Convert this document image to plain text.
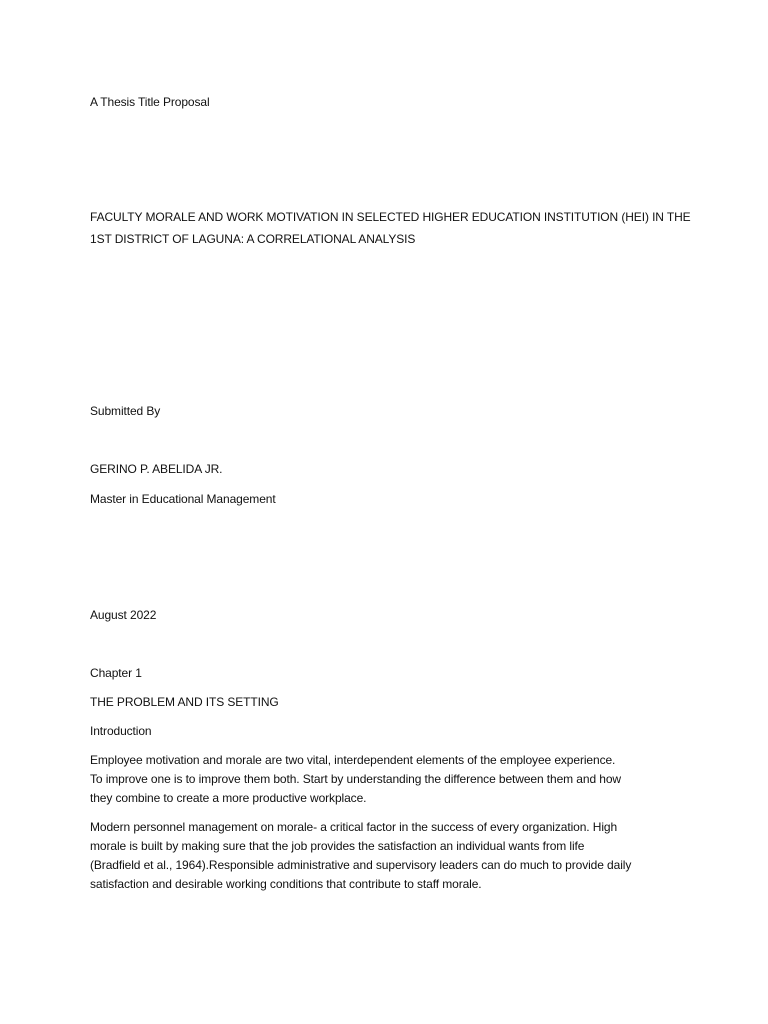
A Thesis Title Proposal
FACULTY MORALE AND WORK MOTIVATION IN SELECTED HIGHER EDUCATION INSTITUTION (HEI) IN THE
1ST DISTRICT OF LAGUNA: A CORRELATIONAL ANALYSIS
Submitted By
GERINO P. ABELIDA JR.
Master in Educational Management
August 2022
Chapter 1
THE PROBLEM AND ITS SETTING
Introduction

Employee motivation and morale are two vital, interdependent elements of the employee experience.

To improve one is to improve them both. Start by understanding the difference between them and how

they combine to create a more productive workplace.

Modern personnel management on morale- a critical factor in the success of every organization. High

morale is built by making sure that the job provides the satisfaction an individual wants from life

(Bradfield et al., 1964).Responsible administrative and supervisory leaders can do much to provide daily

satisfaction and desirable working conditions that contribute to staff morale.
